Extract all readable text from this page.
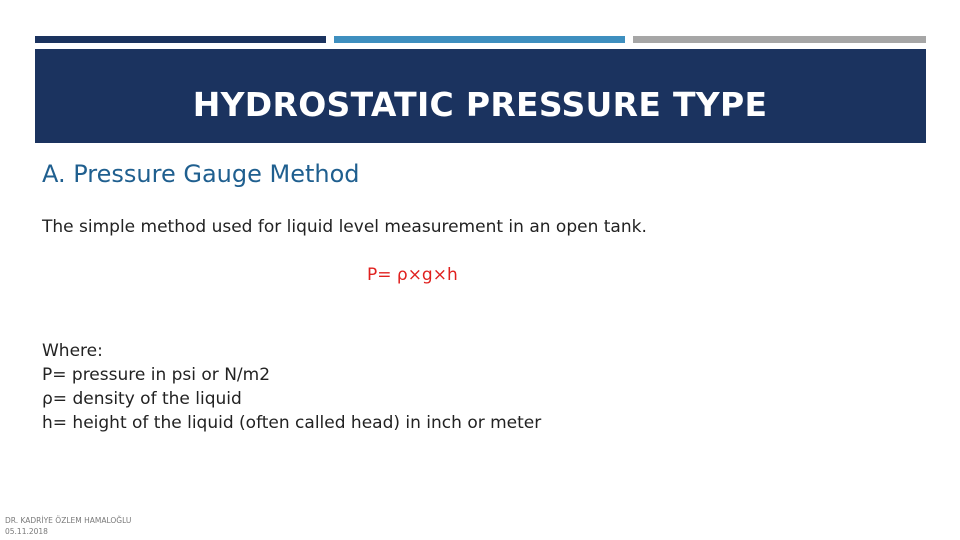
HYDROSTATIC PRESSURE TYPE
A. Pressure Gauge Method
The simple method used for liquid level measurement in an open tank.
P= ρ×g×h
Where:
P= pressure in psi or N/m2
ρ= density of the liquid
h= height of the liquid (often called head) in inch or meter
DR. KADRİYE ÖZLEM HAMALOĞLU
05.11.2018
